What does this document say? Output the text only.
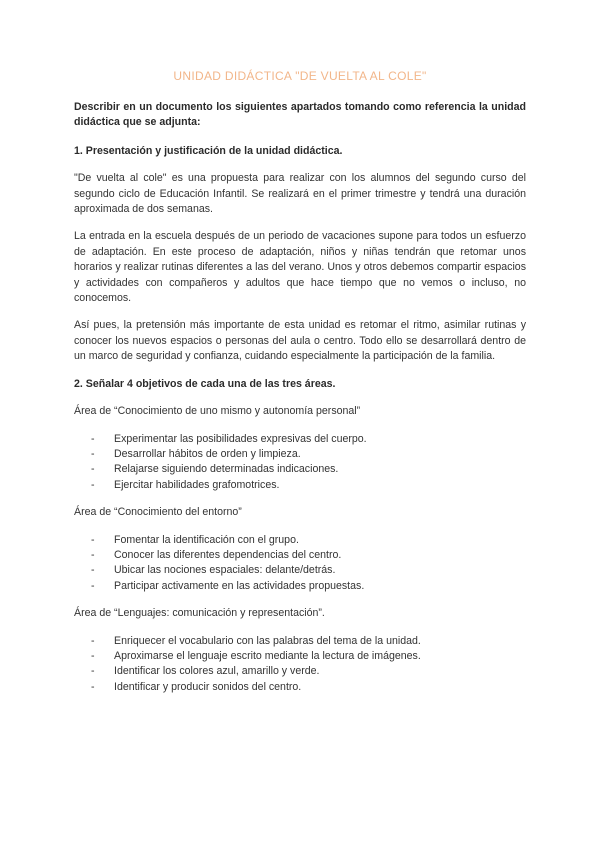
UNIDAD DIDÁCTICA "DE VUELTA AL COLE"

Describir en un documento los siguientes apartados tomando como referencia la unidad didáctica que se adjunta:

1. Presentación y justificación de la unidad didáctica.

"De vuelta al cole" es una propuesta para realizar con los alumnos del segundo curso del segundo ciclo de Educación Infantil. Se realizará en el primer trimestre y tendrá una duración aproximada de dos semanas.

La entrada en la escuela después de un periodo de vacaciones supone para todos un esfuerzo de adaptación. En este proceso de adaptación, niños y niñas tendrán que retomar unos horarios y realizar rutinas diferentes a las del verano. Unos y otros debemos compartir espacios y actividades con compañeros y adultos que hace tiempo que no vemos o incluso, no conocemos.

Así pues, la pretensión más importante de esta unidad es retomar el ritmo, asimilar rutinas y conocer los nuevos espacios o personas del aula o centro. Todo ello se desarrollará dentro de un marco de seguridad y confianza, cuidando especialmente la participación de la familia.

2. Señalar 4 objetivos de cada una de las tres áreas.

Área de “Conocimiento de uno mismo y autonomía personal”

- Experimentar las posibilidades expresivas del cuerpo.
- Desarrollar hábitos de orden y limpieza.
- Relajarse siguiendo determinadas indicaciones.
- Ejercitar habilidades grafomotrices.

Área de “Conocimiento del entorno”

- Fomentar la identificación con el grupo.
- Conocer las diferentes dependencias del centro.
- Ubicar las nociones espaciales: delante/detrás.
- Participar activamente en las actividades propuestas.

Área de “Lenguajes: comunicación y representación”.

- Enriquecer el vocabulario con las palabras del tema de la unidad.
- Aproximarse el lenguaje escrito mediante la lectura de imágenes.
- Identificar los colores azul, amarillo y verde.
- Identificar y producir sonidos del centro.
